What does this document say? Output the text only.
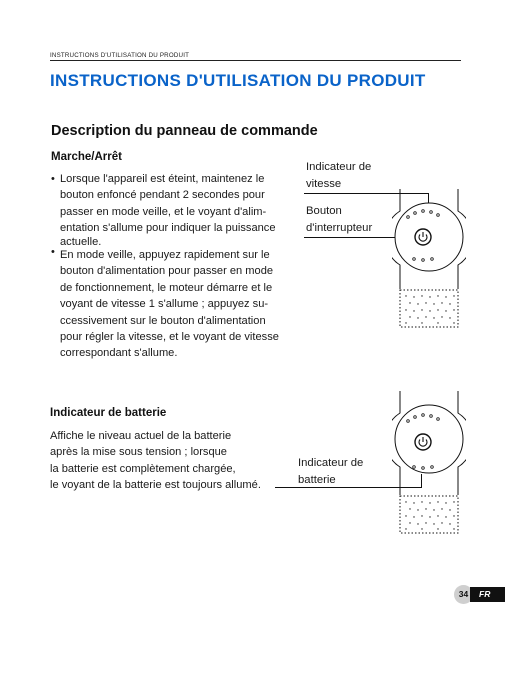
INSTRUCTIONS D'UTILISATION DU PRODUIT
INSTRUCTIONS D'UTILISATION DU PRODUIT
Description du panneau de commande
Marche/Arrêt
• Lorsque l'appareil est éteint, maintenez le
bouton enfoncé pendant 2 secondes pour
passer en mode veille, et le voyant d'alim-
entation s'allume pour indiquer la puissance
actuelle.
• En mode veille, appuyez rapidement sur le
bouton d'alimentation pour passer en mode
de fonctionnement, le moteur démarre et le
voyant de vitesse 1 s'allume ; appuyez su-
ccessivement sur le bouton d'alimentation
pour régler la vitesse, et le voyant de vitesse
correspondant s'allume.
Indicateur de
vitesse
Bouton
d'interrupteur
Indicateur de batterie
Affiche le niveau actuel de la batterie
après la mise sous tension ; lorsque
la batterie est complètement chargée,
le voyant de la batterie est toujours allumé.
Indicateur de
batterie
34	FR
